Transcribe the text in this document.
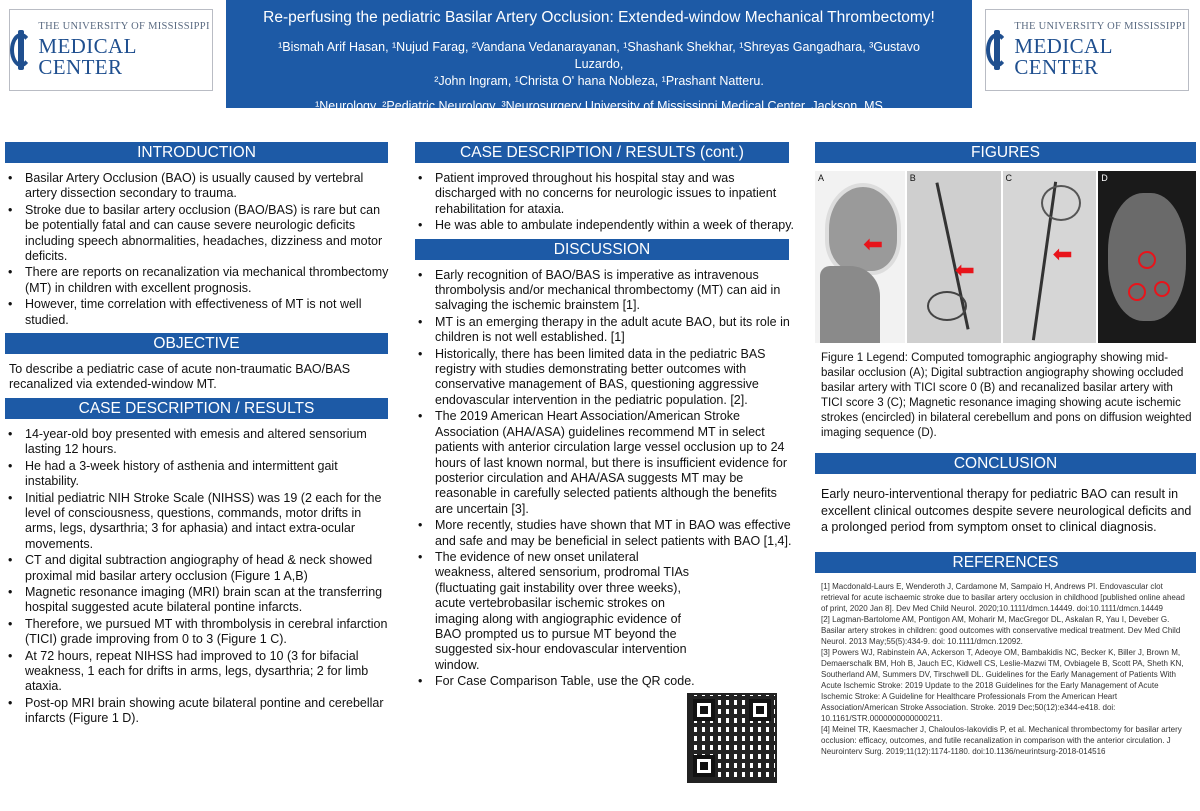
THE UNIVERSITY OF MISSISSIPPI
MEDICAL CENTER
Re-perfusing the pediatric Basilar Artery Occlusion: Extended-window Mechanical Thrombectomy!
¹Bismah Arif Hasan, ¹Nujud Farag, ²Vandana Vedanarayanan, ¹Shashank Shekhar, ¹Shreyas Gangadhara, ³Gustavo Luzardo,
²John Ingram, ¹Christa O' hana Nobleza, ¹Prashant Natteru.
¹Neurology, ²Pediatric Neurology, ³Neurosurgery University of Mississippi Medical Center, Jackson, MS
THE UNIVERSITY OF MISSISSIPPI
MEDICAL CENTER
INTRODUCTION
• Basilar Artery Occlusion (BAO) is usually caused by vertebral artery dissection secondary to trauma.
• Stroke due to basilar artery occlusion (BAO/BAS) is rare but can be potentially fatal and can cause severe neurologic deficits including speech abnormalities, headaches, dizziness and motor deficits.
• There are reports on recanalization via mechanical thrombectomy (MT) in children with excellent prognosis.
• However, time correlation with effectiveness of MT is not well studied.
OBJECTIVE
To describe a pediatric case of acute non-traumatic BAO/BAS recanalized via extended-window MT.
CASE DESCRIPTION / RESULTS
• 14-year-old boy presented with emesis and altered sensorium lasting 12 hours.
• He had a 3-week history of asthenia and intermittent gait instability.
• Initial pediatric NIH Stroke Scale (NIHSS) was 19 (2 each for the level of consciousness, questions, commands, motor drifts in arms, legs, dysarthria; 3 for aphasia) and intact extra-ocular movements.
• CT and digital subtraction angiography of head & neck showed proximal mid basilar artery occlusion (Figure 1 A,B)
• Magnetic resonance imaging (MRI) brain scan at the transferring hospital suggested acute bilateral pontine infarcts.
• Therefore, we pursued MT with thrombolysis in cerebral infarction (TICI) grade improving from 0 to 3 (Figure 1 C).
• At 72 hours, repeat NIHSS had improved to 10 (3 for bifacial weakness, 1 each for drifts in arms, legs, dysarthria; 2 for limb ataxia.
• Post-op MRI brain showing acute bilateral pontine and cerebellar infarcts (Figure 1 D).
CASE DESCRIPTION / RESULTS (cont.)
• Patient improved throughout his hospital stay and was discharged with no concerns for neurologic issues to inpatient rehabilitation for ataxia.
• He was able to ambulate independently within a week of therapy.
DISCUSSION
• Early recognition of BAO/BAS is imperative as intravenous thrombolysis and/or mechanical thrombectomy (MT) can aid in salvaging the ischemic brainstem [1].
• MT is an emerging therapy in the adult acute BAO, but its role in children is not well established. [1]
• Historically, there has been limited data in the pediatric BAS registry with studies demonstrating better outcomes with conservative management of BAS, questioning aggressive endovascular intervention in the pediatric population. [2].
• The 2019 American Heart Association/American Stroke Association (AHA/ASA) guidelines recommend MT in select patients with anterior circulation large vessel occlusion up to 24 hours of last known normal, but there is insufficient evidence for posterior circulation and AHA/ASA suggests MT may be reasonable in carefully selected patients although the benefits are uncertain [3].
• More recently, studies have shown that MT in BAO was effective and safe and may be beneficial in select patients with BAO [1,4].
• The evidence of new onset unilateral weakness, altered sensorium, prodromal TIAs (fluctuating gait instability over three weeks), acute vertebrobasilar ischemic strokes on imaging along with angiographic evidence of BAO prompted us to pursue MT beyond the suggested six-hour endovascular intervention window.
• For Case Comparison Table, use the QR code.
FIGURES
A
⬅
B
⬅
C
⬅
D
Figure 1 Legend: Computed tomographic angiography showing mid-basilar occlusion (A); Digital subtraction angiography showing occluded basilar artery with TICI score 0 (B) and recanalized basilar artery with TICI score 3 (C); Magnetic resonance imaging showing acute ischemic strokes (encircled) in bilateral cerebellum and pons on diffusion weighted imaging sequence (D).
CONCLUSION
Early neuro-interventional therapy for pediatric BAO can result in excellent clinical outcomes despite severe neurological deficits and a prolonged period from symptom onset to clinical diagnosis.
REFERENCES
[1] Macdonald-Laurs E, Wenderoth J, Cardamone M, Sampaio H, Andrews PI. Endovascular clot retrieval for acute ischaemic stroke due to basilar artery occlusion in childhood [published online ahead of print, 2020 Jan 8]. Dev Med Child Neurol. 2020;10.1111/dmcn.14449. doi:10.1111/dmcn.14449
[2] Lagman-Bartolome AM, Pontigon AM, Moharir M, MacGregor DL, Askalan R, Yau I, Deveber G. Basilar artery strokes in children: good outcomes with conservative medical treatment. Dev Med Child Neurol. 2013 May;55(5):434-9. doi: 10.1111/dmcn.12092.
[3] Powers WJ, Rabinstein AA, Ackerson T, Adeoye OM, Bambakidis NC, Becker K, Biller J, Brown M, Demaerschalk BM, Hoh B, Jauch EC, Kidwell CS, Leslie-Mazwi TM, Ovbiagele B, Scott PA, Sheth KN, Southerland AM, Summers DV, Tirschwell DL. Guidelines for the Early Management of Patients With Acute Ischemic Stroke: 2019 Update to the 2018 Guidelines for the Early Management of Acute Ischemic Stroke: A Guideline for Healthcare Professionals From the American Heart Association/American Stroke Association. Stroke. 2019 Dec;50(12):e344-e418. doi: 10.1161/STR.0000000000000211.
[4] Meinel TR, Kaesmacher J, Chaloulos-Iakovidis P, et al. Mechanical thrombectomy for basilar artery occlusion: efficacy, outcomes, and futile recanalization in comparison with the anterior circulation. J Neurointerv Surg. 2019;11(12):1174-1180. doi:10.1136/neurintsurg-2018-014516
